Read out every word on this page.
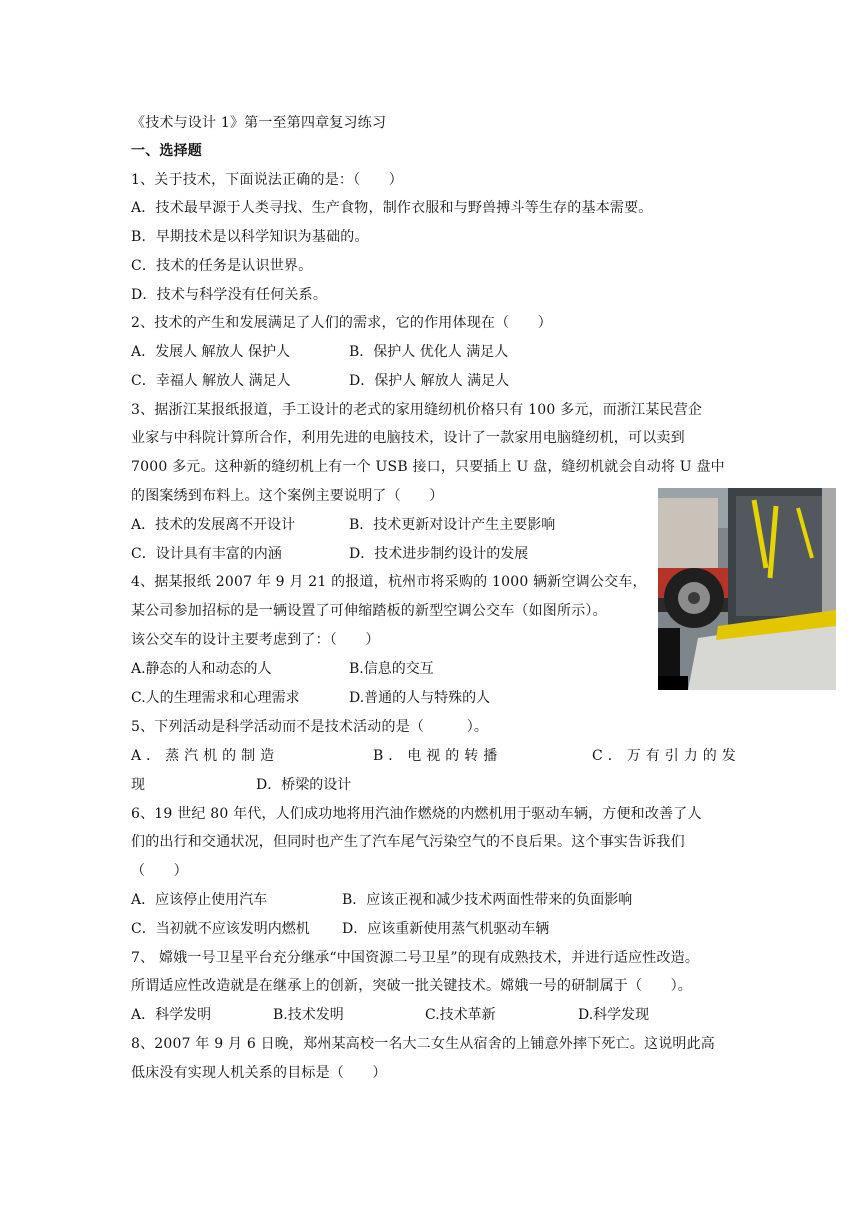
《技术与设计 1》第一至第四章复习练习
一、选择题
1、关于技术，下面说法正确的是：（　　）
A．技术最早源于人类寻找、生产食物，制作衣服和与野兽搏斗等生存的基本需要。
B．早期技术是以科学知识为基础的。
C．技术的任务是认识世界。
D．技术与科学没有任何关系。
2、技术的产生和发展满足了人们的需求，它的作用体现在（　　）
A．发展人 解放人 保护人	B．保护人 优化人 满足人
C．幸福人 解放人 满足人	D．保护人 解放人 满足人
3、据浙江某报纸报道，手工设计的老式的家用缝纫机价格只有 100 多元，而浙江某民营企
业家与中科院计算所合作，利用先进的电脑技术，设计了一款家用电脑缝纫机，可以卖到
7000 多元。这种新的缝纫机上有一个 USB 接口，只要插上 U 盘，缝纫机就会自动将 U 盘中
的图案绣到布料上。这个案例主要说明了（　　）
A．技术的发展离不开设计	B．技术更新对设计产生主要影响
C．设计具有丰富的内涵	D．技术进步制约设计的发展
4、据某报纸 2007 年 9 月 21 的报道，杭州市将采购的 1000 辆新空调公交车，
某公司参加招标的是一辆设置了可伸缩踏板的新型空调公交车（如图所示）。
该公交车的设计主要考虑到了：（　　）
A.静态的人和动态的人	B.信息的交互
C.人的生理需求和心理需求	D.普通的人与特殊的人
5、下列活动是科学活动而不是技术活动的是（　　　）。
A．蒸汽机的制造	B．电视的转播	C．万有引力的发
现	D．桥梁的设计
6、19 世纪 80 年代，人们成功地将用汽油作燃烧的内燃机用于驱动车辆，方便和改善了人
们的出行和交通状况，但同时也产生了汽车尾气污染空气的不良后果。这个事实告诉我们
（　　）
A．应该停止使用汽车	B．应该正视和减少技术两面性带来的负面影响
C．当初就不应该发明内燃机 D．应该重新使用蒸气机驱动车辆
7、 嫦娥一号卫星平台充分继承“中国资源二号卫星”的现有成熟技术，并进行适应性改造。
所谓适应性改造就是在继承上的创新，突破一批关键技术。嫦娥一号的研制属于（　　）。
A．科学发明	B.技术发明	C.技术革新	D.科学发现
8、2007 年 9 月 6 日晚，郑州某高校一名大二女生从宿舍的上铺意外摔下死亡。这说明此高
低床没有实现人机关系的目标是（　　）
